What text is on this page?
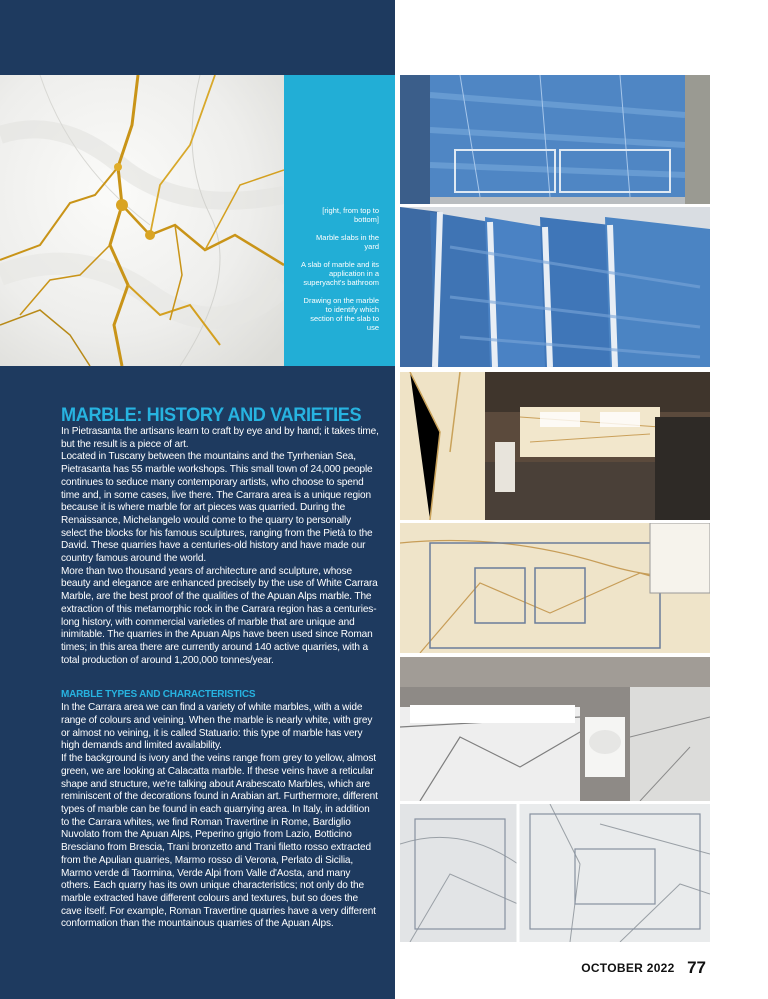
[right, from top to bottom]

Marble slabs in the yard

A slab of marble and its application in a superyacht's bathroom

Drawing on the marble to identify which section of the slab to use

MARBLE: HISTORY AND VARIETIES

In Pietrasanta the artisans learn to craft by eye and by hand; it takes time, but the result is a piece of art.

Located in Tuscany between the mountains and the Tyrrhenian Sea, Pietrasanta has 55 marble workshops. This small town of 24,000 people continues to seduce many contemporary artists, who choose to spend time and, in some cases, live there. The Carrara area is a unique region because it is where marble for art pieces was quarried. During the Renaissance, Michelangelo would come to the quarry to personally select the blocks for his famous sculptures, ranging from the Pietà to the David. These quarries have a centuries-old history and have made our country famous around the world.

More than two thousand years of architecture and sculpture, whose beauty and elegance are enhanced precisely by the use of White Carrara Marble, are the best proof of the qualities of the Apuan Alps marble. The extraction of this metamorphic rock in the Carrara region has a centuries-long history, with commercial varieties of marble that are unique and inimitable. The quarries in the Apuan Alps have been used since Roman times; in this area there are currently around 140 active quarries, with a total production of around 1,200,000 tonnes/year.

MARBLE TYPES AND CHARACTERISTICS

In the Carrara area we can find a variety of white marbles, with a wide range of colours and veining. When the marble is nearly white, with grey or almost no veining, it is called Statuario: this type of marble has very high demands and limited availability.

If the background is ivory and the veins range from grey to yellow, almost green, we are looking at Calacatta marble. If these veins have a reticular shape and structure, we're talking about Arabescato Marbles, which are reminiscent of the decorations found in Arabian art. Furthermore, different types of marble can be found in each quarrying area. In Italy, in addition to the Carrara whites, we find Roman Travertine in Rome, Bardiglio Nuvolato from the Apuan Alps, Peperino grigio from Lazio, Botticino Bresciano from Brescia, Trani bronzetto and Trani filetto rosso extracted from the Apulian quarries, Marmo rosso di Verona, Perlato di Sicilia, Marmo verde di Taormina, Verde Alpi from Valle d'Aosta, and many others. Each quarry has its own unique characteristics; not only do the marble extracted have different colours and textures, but so does the cave itself. For example, Roman Travertine quarries have a very different conformation than the mountainous quarries of the Apuan Alps.

OCTOBER 2022 77
